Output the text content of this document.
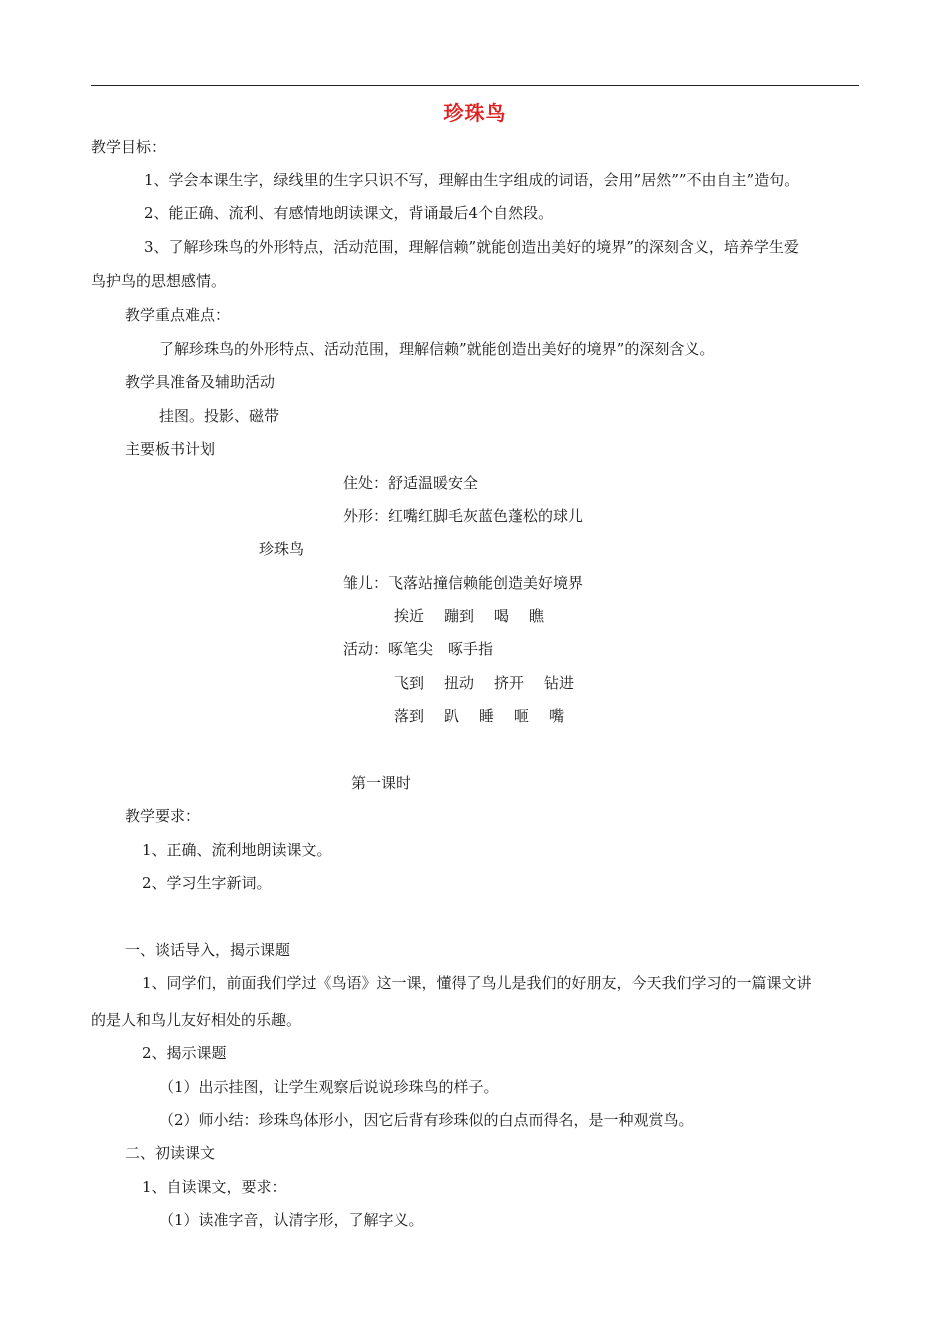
珍珠鸟
教学目标：
1、学会本课生字，绿线里的生字只识不写，理解由生字组成的词语，会用”居然””不由自主”造句。
2、能正确、流利、有感情地朗读课文，背诵最后4个自然段。
3、了解珍珠鸟的外形特点，活动范围，理解信赖”就能创造出美好的境界”的深刻含义，培养学生爱
鸟护鸟的思想感情。
教学重点难点：
了解珍珠鸟的外形特点、活动范围，理解信赖”就能创造出美好的境界”的深刻含义。
教学具准备及辅助活动
挂图。投影、磁带
主要板书计划
住处：舒适温暖安全
外形：红嘴红脚毛灰蓝色蓬松的球儿
珍珠鸟
雏儿：飞落站撞信赖能创造美好境界
挨近 蹦到 喝 瞧
活动：啄笔尖　啄手指
飞到 扭动 挤开 钻进
落到 趴 睡 咂 嘴
第一课时
教学要求：
1、正确、流利地朗读课文。
2、学习生字新词。
一、谈话导入，揭示课题
1、同学们，前面我们学过《鸟语》这一课，懂得了鸟儿是我们的好朋友，今天我们学习的一篇课文讲
的是人和鸟儿友好相处的乐趣。
2、揭示课题
（1）出示挂图，让学生观察后说说珍珠鸟的样子。
（2）师小结：珍珠鸟体形小，因它后背有珍珠似的白点而得名，是一种观赏鸟。
二、初读课文
1、自读课文，要求：
（1）读准字音，认清字形，了解字义。
